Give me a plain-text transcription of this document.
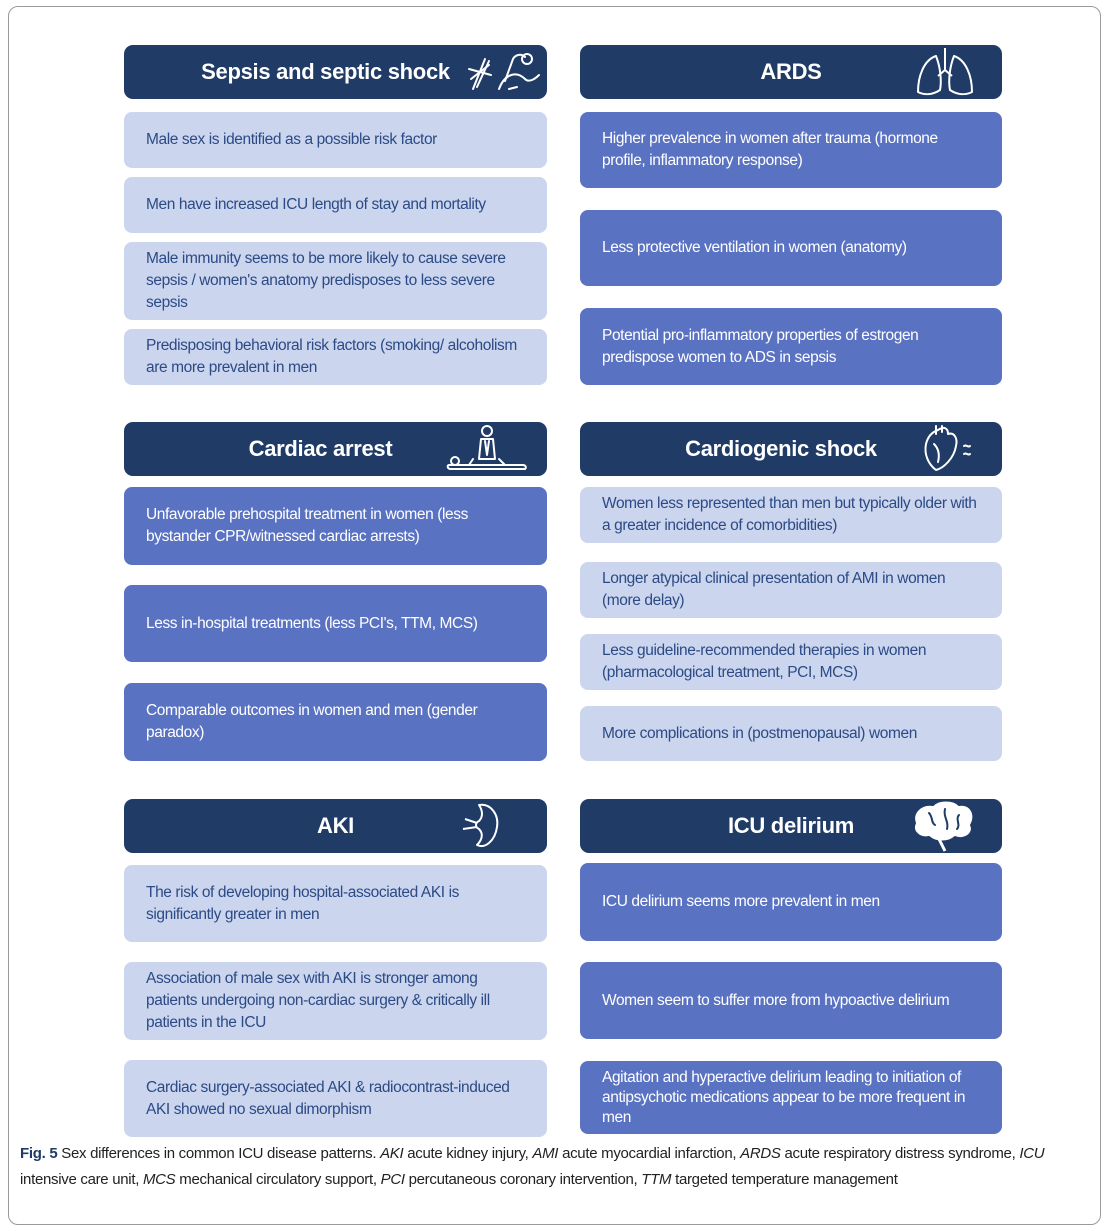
Sepsis and septic shock
Male sex is identified as a possible risk factor
Men have increased ICU length of stay and mortality
Male immunity seems to be more likely to cause severe sepsis / women's anatomy predisposes to less severe sepsis
Predisposing behavioral risk factors (smoking/ alcoholism are more prevalent in men
ARDS
Higher prevalence in women after trauma (hormone profile, inflammatory response)
Less protective ventilation in women (anatomy)
Potential pro-inflammatory properties of estrogen predispose women to ADS in sepsis
Cardiac arrest
Unfavorable prehospital treatment in women (less bystander CPR/witnessed cardiac arrests)
Less in-hospital treatments (less PCI's, TTM, MCS)
Comparable outcomes in women and men (gender paradox)
Cardiogenic shock
Women less represented than men but typically older with a greater incidence of comorbidities)
Longer atypical clinical presentation of AMI in women (more delay)
Less guideline-recommended therapies in women (pharmacological treatment, PCI, MCS)
More complications in (postmenopausal) women
AKI
The risk of developing hospital-associated AKI is significantly greater in men
Association of male sex with AKI is stronger among patients undergoing non-cardiac surgery & critically ill patients in the ICU
Cardiac surgery-associated AKI & radiocontrast-induced AKI showed no sexual dimorphism
ICU delirium
ICU delirium seems more prevalent in men
Women seem to suffer more from hypoactive delirium
Agitation and hyperactive delirium leading to initiation of antipsychotic medications appear to be more frequent in men
Fig. 5 Sex differences in common ICU disease patterns. AKI acute kidney injury, AMI acute myocardial infarction, ARDS acute respiratory distress syndrome, ICU intensive care unit, MCS mechanical circulatory support, PCI percutaneous coronary intervention, TTM targeted temperature management
